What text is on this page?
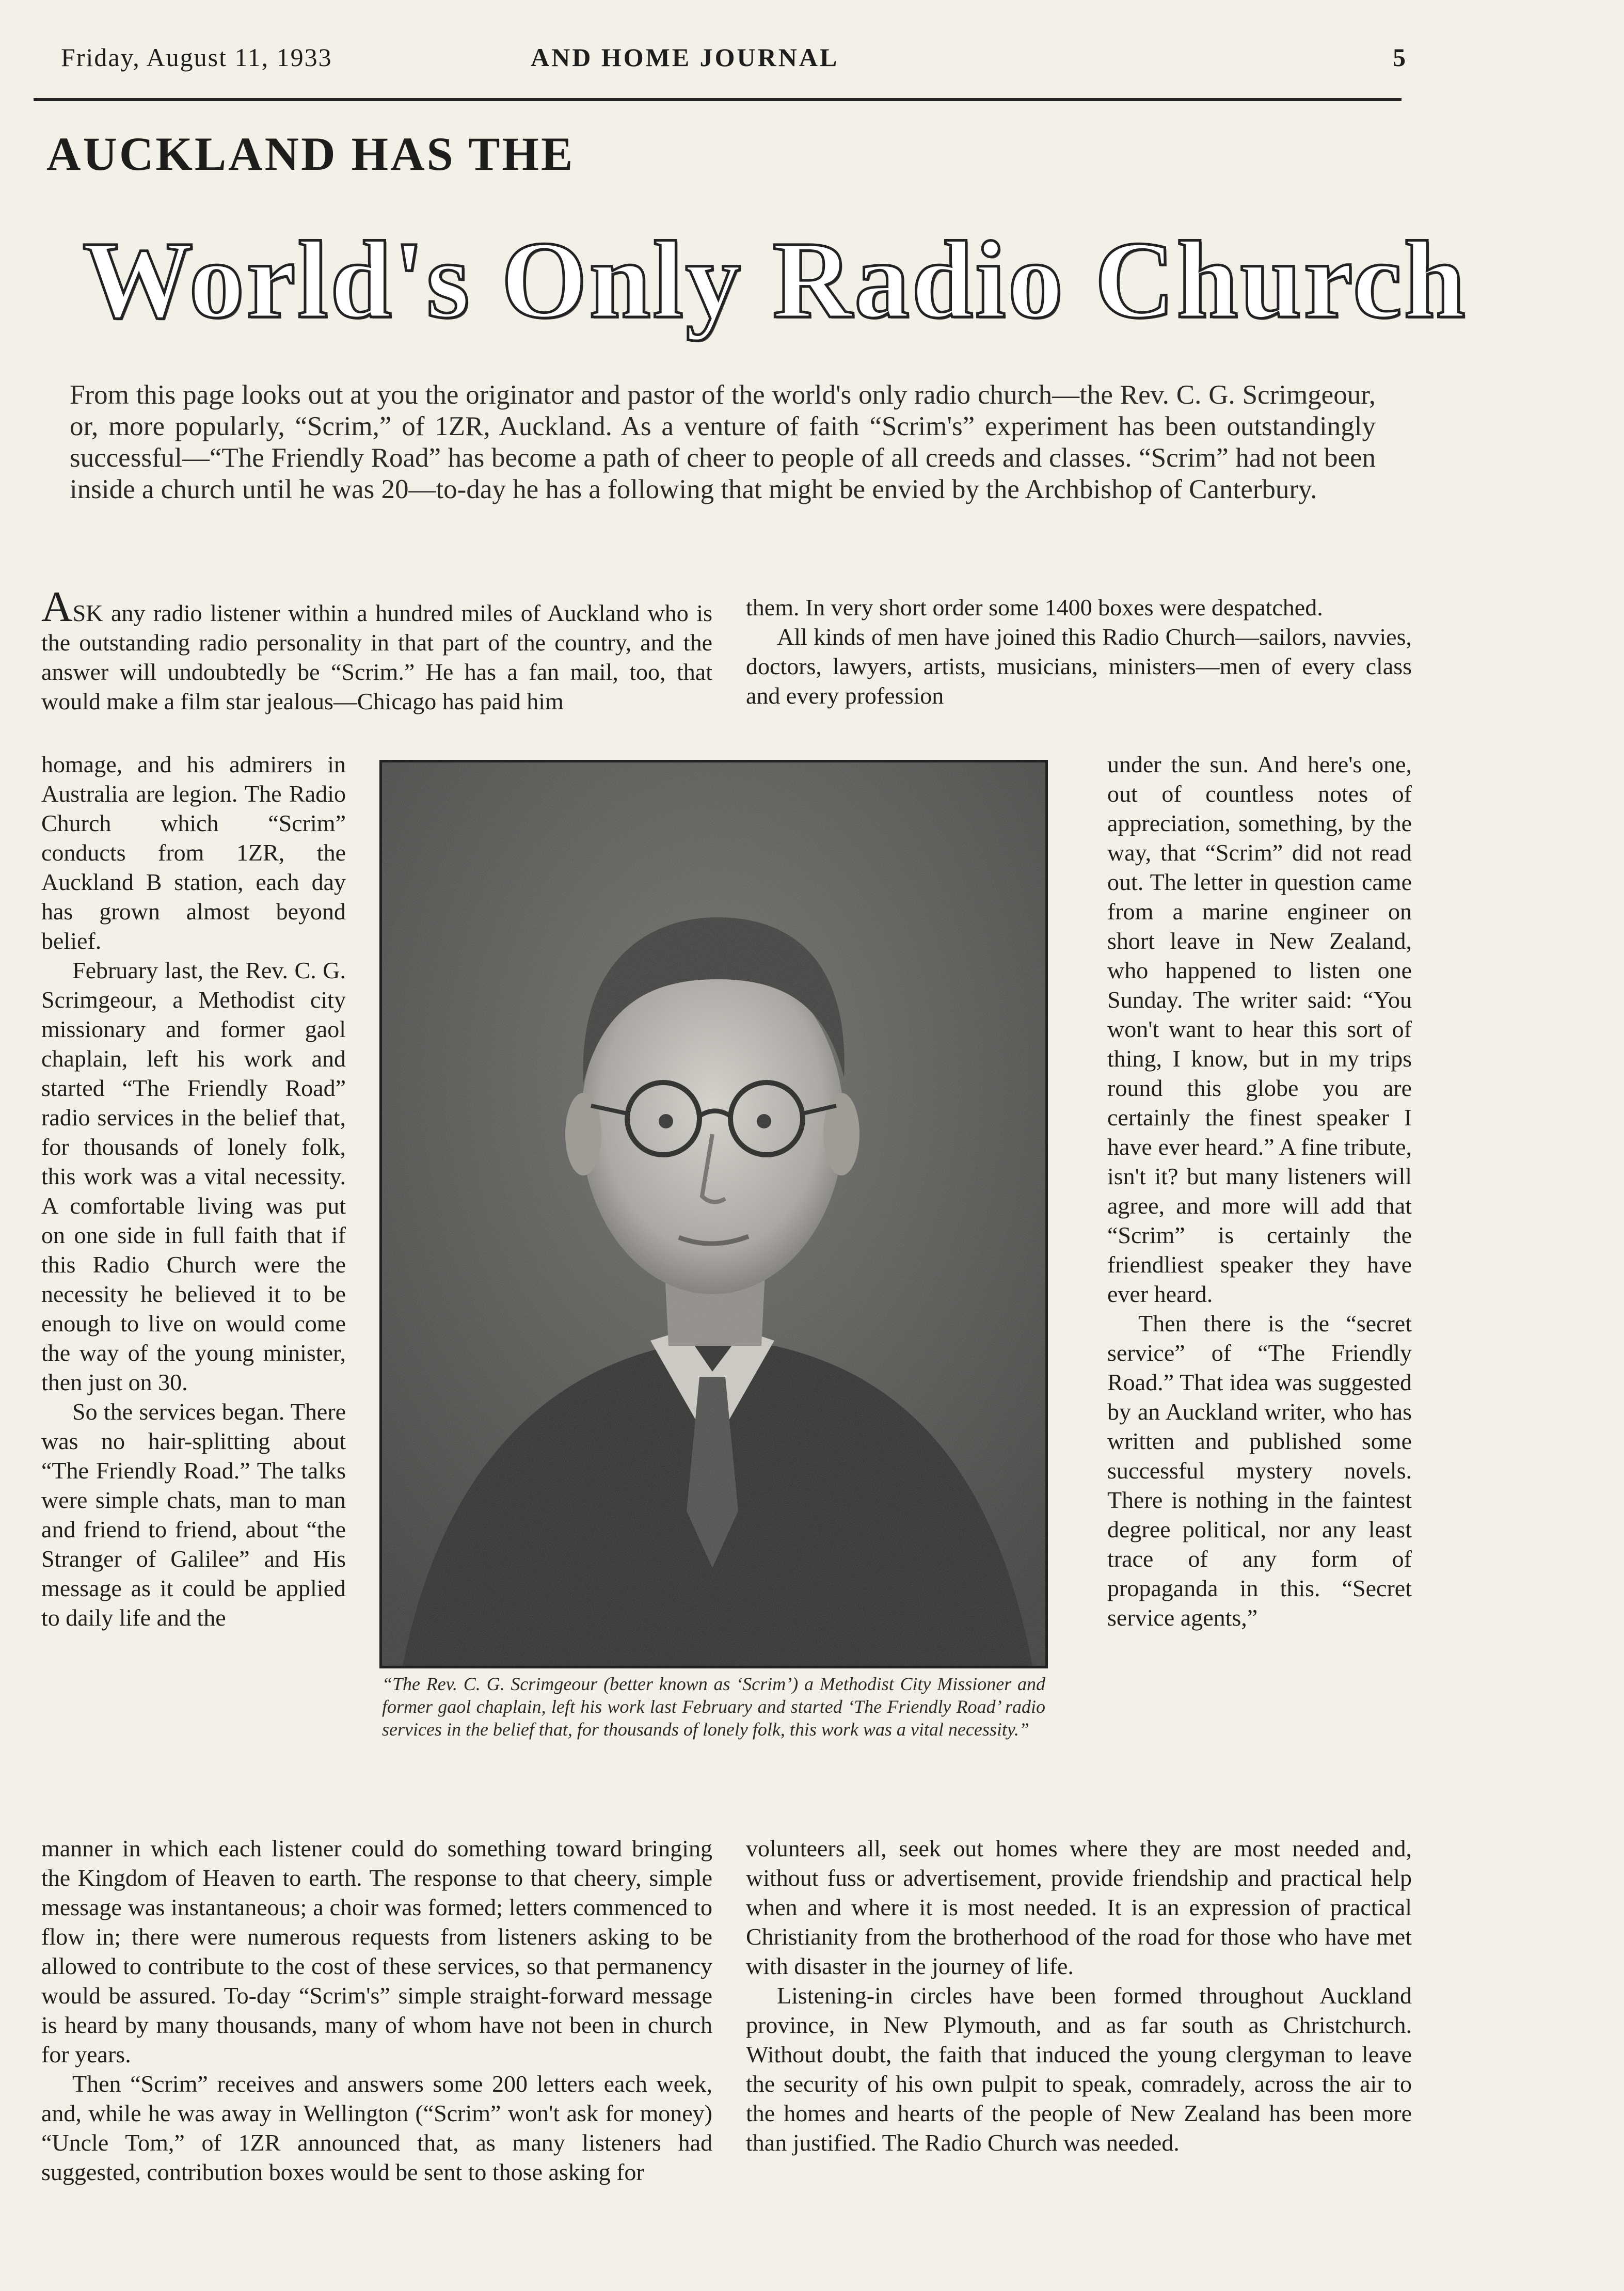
Friday, August 11, 1933	AND HOME JOURNAL	5
AUCKLAND HAS THE
World's Only Radio Church
From this page looks out at you the originator and pastor of the world's only radio church—the Rev. C. G. Scrimgeour, or, more popularly, “Scrim,” of 1ZR, Auckland. As a venture of faith “Scrim's” experiment has been outstandingly successful—“The Friendly Road” has become a path of cheer to people of all creeds and classes. “Scrim” had not been inside a church until he was 20—to-day he has a following that might be envied by the Archbishop of Canterbury.

ASK any radio listener within a hundred miles of Auckland who is the outstanding radio personality in that part of the country, and the answer will undoubtedly be “Scrim.” He has a fan mail, too, that would make a film star jealous—Chicago has paid him

homage, and his admirers in Australia are legion. The Radio Church which “Scrim” conducts from 1ZR, the Auckland B station, each day has grown almost beyond belief.

February last, the Rev. C. G. Scrimgeour, a Methodist city missionary and former gaol chaplain, left his work and started “The Friendly Road” radio services in the belief that, for thousands of lonely folk, this work was a vital necessity. A comfortable living was put on one side in full faith that if this Radio Church were the necessity he believed it to be enough to live on would come the way of the young minister, then just on 30.

So the services began. There was no hair-splitting about “The Friendly Road.” The talks were simple chats, man to man and friend to friend, about “the Stranger of Galilee” and His message as it could be applied to daily life and the

manner in which each listener could do something toward bringing the Kingdom of Heaven to earth. The response to that cheery, simple message was instantaneous; a choir was formed; letters commenced to flow in; there were numerous requests from listeners asking to be allowed to contribute to the cost of these services, so that permanency would be assured. To-day “Scrim's” simple straight-forward message is heard by many thousands, many of whom have not been in church for years.

Then “Scrim” receives and answers some 200 letters each week, and, while he was away in Wellington (“Scrim” won't ask for money) “Uncle Tom,” of 1ZR announced that, as many listeners had suggested, contribution boxes would be sent to those asking for

them. In very short order some 1400 boxes were despatched.

All kinds of men have joined this Radio Church—sailors, navvies, doctors, lawyers, artists, musicians, ministers—men of every class and every profession

under the sun. And here's one, out of countless notes of appreciation, something, by the way, that “Scrim” did not read out. The letter in question came from a marine engineer on short leave in New Zealand, who happened to listen one Sunday. The writer said: “You won't want to hear this sort of thing, I know, but in my trips round this globe you are certainly the finest speaker I have ever heard.” A fine tribute, isn't it? but many listeners will agree, and more will add that “Scrim” is certainly the friendliest speaker they have ever heard.

Then there is the “secret service” of “The Friendly Road.” That idea was suggested by an Auckland writer, who has written and published some successful mystery novels. There is nothing in the faintest degree political, nor any least trace of any form of propaganda in this. “Secret service agents,”

volunteers all, seek out homes where they are most needed and, without fuss or advertisement, provide friendship and practical help when and where it is most needed. It is an expression of practical Christianity from the brotherhood of the road for those who have met with disaster in the journey of life.

Listening-in circles have been formed throughout Auckland province, in New Plymouth, and as far south as Christchurch. Without doubt, the faith that induced the young clergyman to leave the security of his own pulpit to speak, comradely, across the air to the homes and hearts of the people of New Zealand has been more than justified. The Radio Church was needed.

“The Rev. C. G. Scrimgeour (better known as ‘Scrim’) a Methodist City Missioner and former gaol chaplain, left his work last February and started ‘The Friendly Road’ radio services in the belief that, for thousands of lonely folk, this work was a vital necessity.”
